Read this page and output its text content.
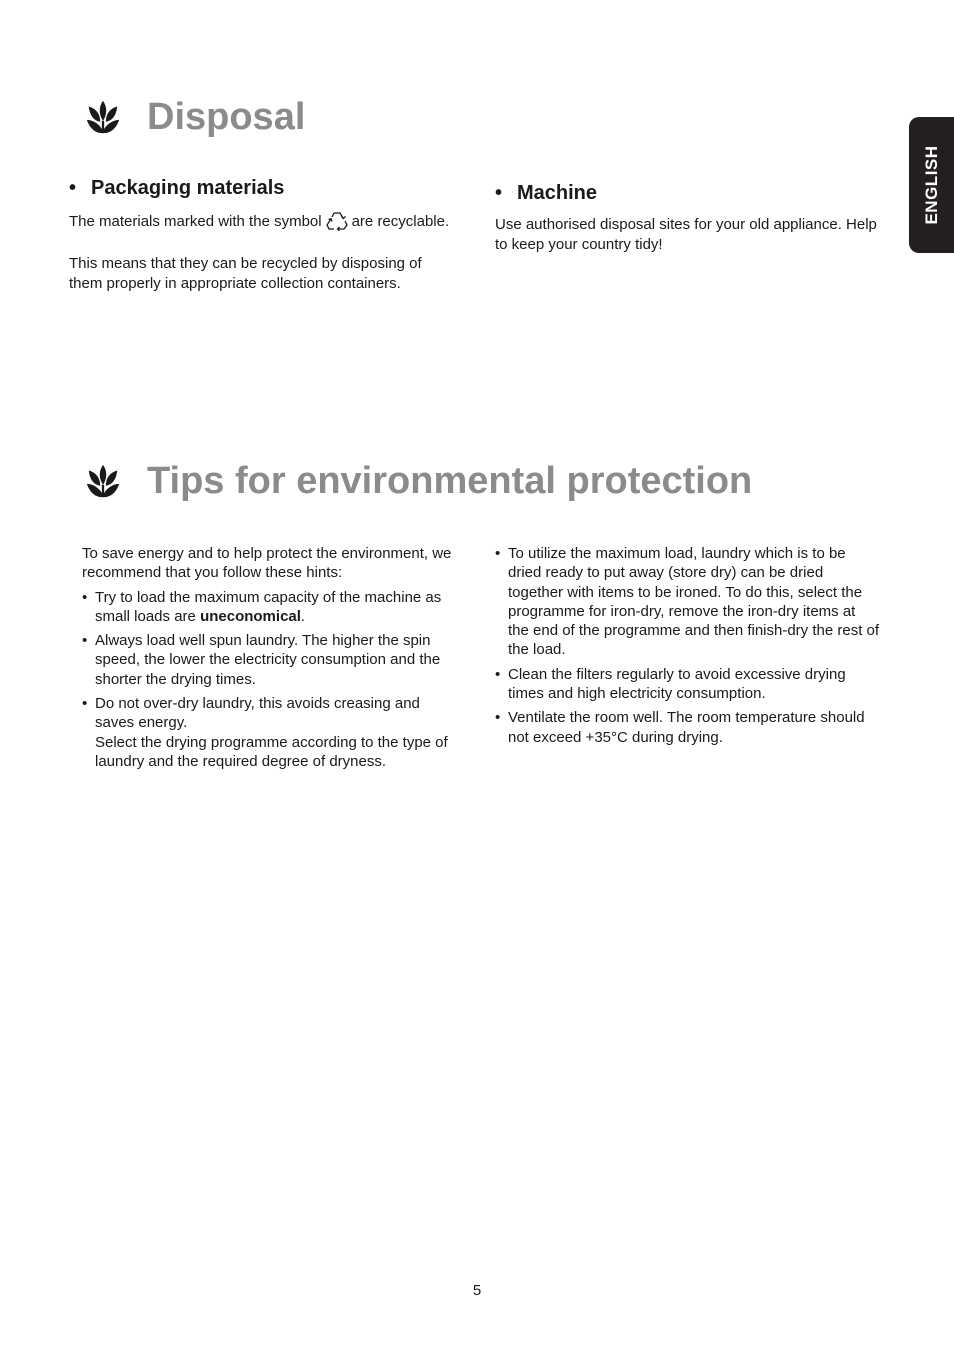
ENGLISH
Disposal
• Packaging materials

The materials marked with the symbol are recyclable.

This means that they can be recycled by disposing of them properly in appropriate collection containers.

• Machine

Use authorised disposal sites for your old appliance. Help to keep your country tidy!

Tips for environmental protection

To save energy and to help protect the environment, we recommend that you follow these hints:

• Try to load the maximum capacity of the machine as small loads are uneconomical.
• Always load well spun laundry. The higher the spin speed, the lower the electricity consumption and the shorter the drying times.
• Do not over-dry laundry, this avoids creasing and saves energy.
Select the drying programme according to the type of laundry and the required degree of dryness.
• To utilize the maximum load, laundry which is to be dried ready to put away (store dry) can be dried together with items to be ironed. To do this, select the programme for iron-dry, remove the iron-dry items at the end of the programme and then finish-dry the rest of the load.
• Clean the filters regularly to avoid excessive drying times and high electricity consumption.
• Ventilate the room well. The room temperature should not exceed +35°C during drying.
5
